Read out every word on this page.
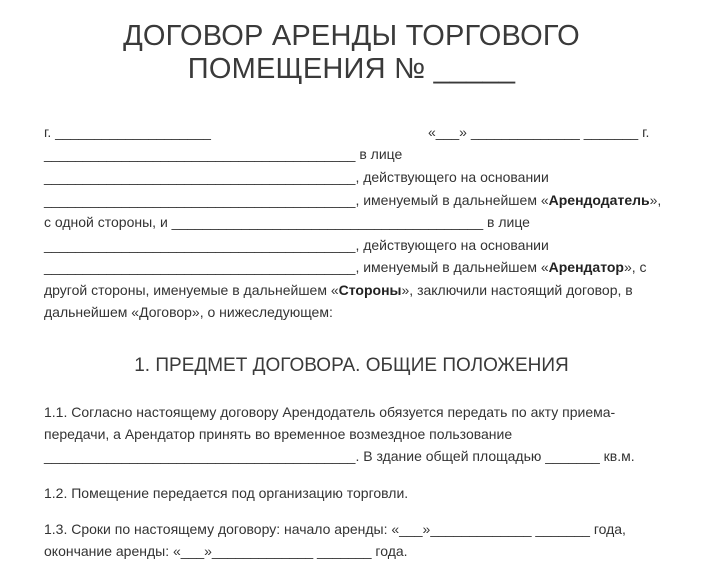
ДОГОВОР АРЕНДЫ ТОРГОВОГО
ПОМЕЩЕНИЯ № _____
г. ____________________	«___» ______________ _______ г.
________________________________________ в лице
________________________________________, действующего на основании
________________________________________, именуемый в дальнейшем «Арендодатель»,
с одной стороны, и ________________________________________ в лице
________________________________________, действующего на основании
________________________________________, именуемый в дальнейшем «Арендатор», с
другой стороны, именуемые в дальнейшем «Стороны», заключили настоящий договор, в
дальнейшем «Договор», о нижеследующем:
1. ПРЕДМЕТ ДОГОВОРА. ОБЩИЕ ПОЛОЖЕНИЯ
1.1. Согласно настоящему договору Арендодатель обязуется передать по акту приема-
передачи, а Арендатор принять во временное возмездное пользование
________________________________________. В здание общей площадью _______ кв.м.
1.2. Помещение передается под организацию торговли.
1.3. Сроки по настоящему договору: начало аренды: «___»_____________ _______ года,
окончание аренды: «___»_____________ _______ года.
